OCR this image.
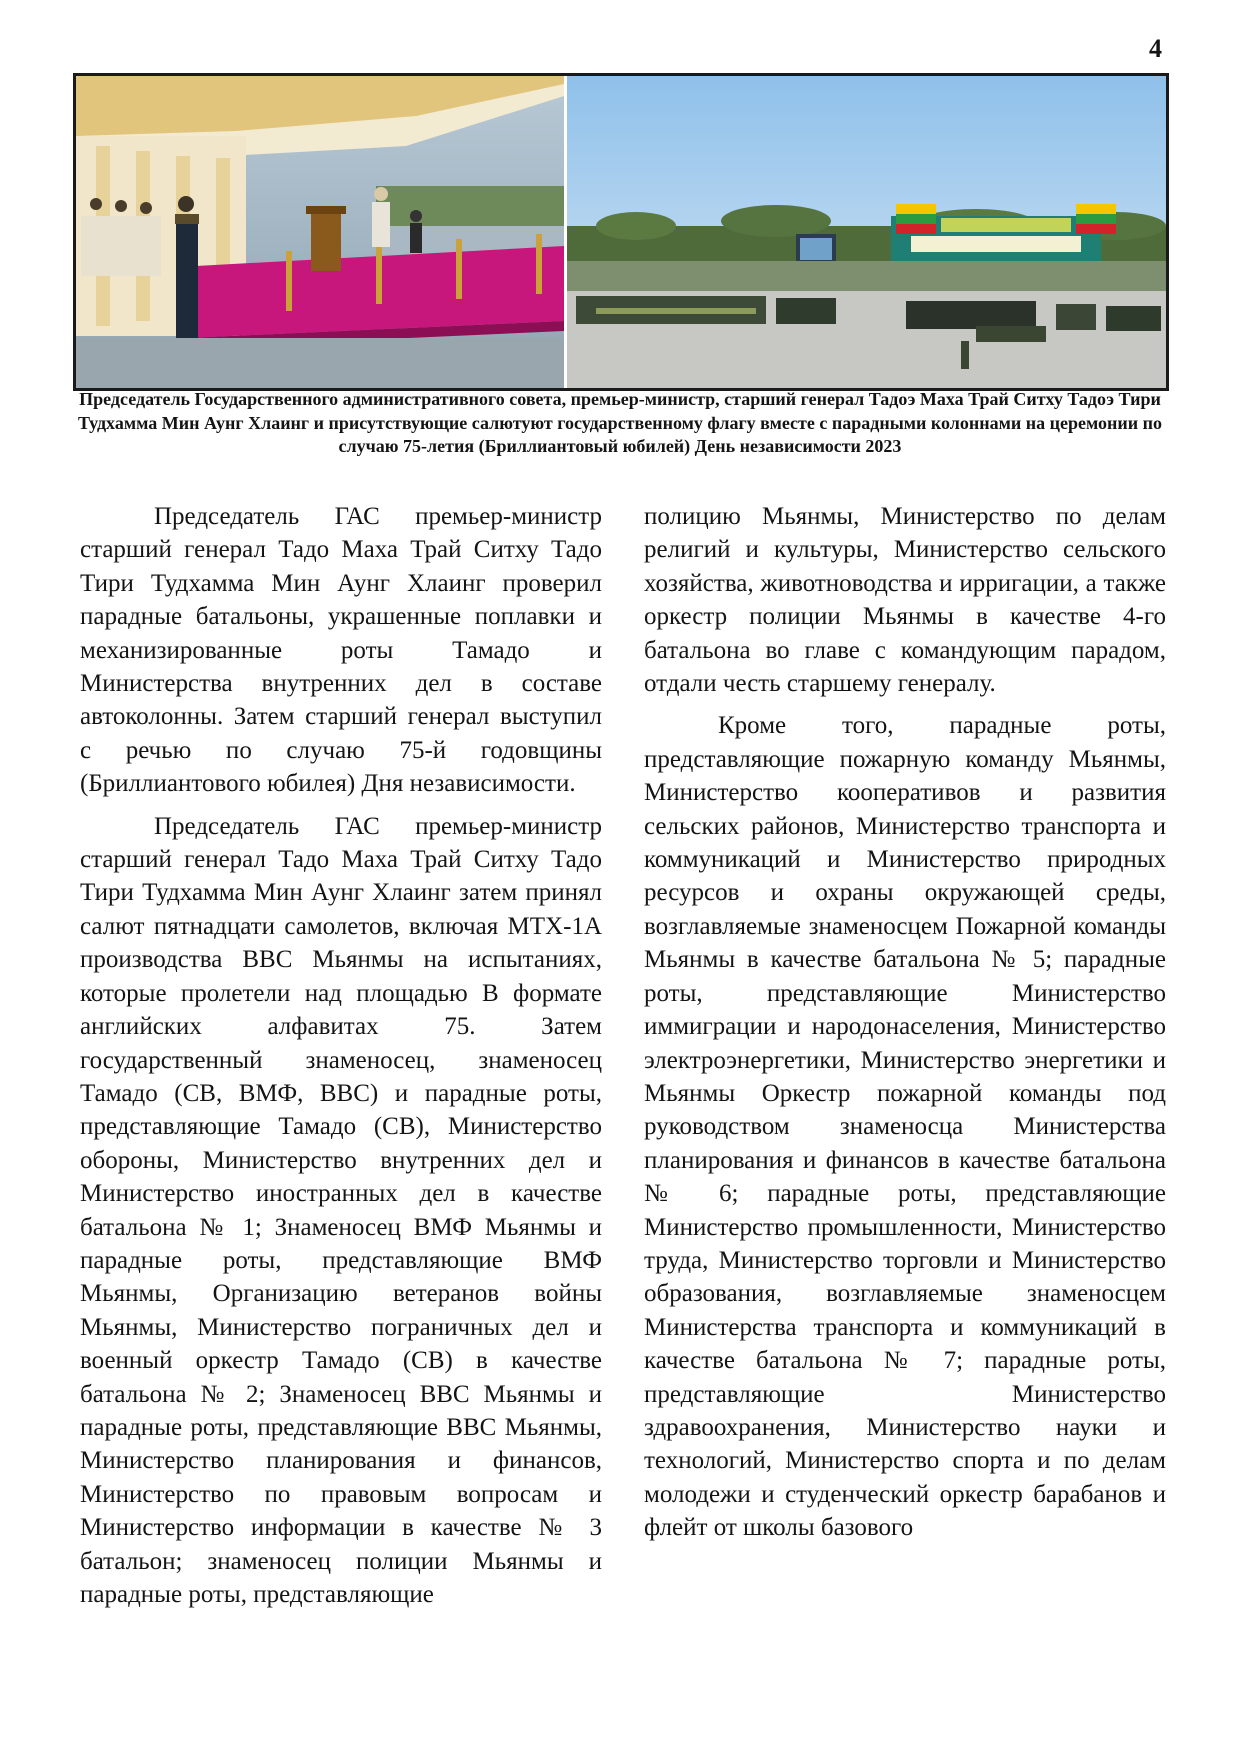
4
Председатель Государственного административного совета, премьер-министр, старший генерал Тадоэ Маха Трай Ситху Тадоэ Тири Тудхамма Мин Аунг Хлаинг и присутствующие салютуют государственному флагу вместе с парадными колоннами на церемонии по случаю 75-летия (Бриллиантовый юбилей) День независимости 2023

Председатель ГАС премьер-министр старший генерал Тадо Маха Трай Ситху Тадо Тири Тудхамма Мин Аунг Хлаинг проверил парадные батальоны, украшенные поплавки и механизированные роты Тамадо и Министерства внутренних дел в составе автоколонны. Затем старший генерал выступил с речью по случаю 75-й годовщины (Бриллиантового юбилея) Дня независимости.

Председатель ГАС премьер-министр старший генерал Тадо Маха Трай Ситху Тадо Тири Тудхамма Мин Аунг Хлаинг затем принял салют пятнадцати самолетов, включая MTX-1A производства ВВС Мьянмы на испытаниях, которые пролетели над площадью В формате английских алфавитах 75. Затем государственный знаменосец, знаменосец Тамадо (СВ, ВМФ, ВВС) и парадные роты, представляющие Тамадо (СВ), Министерство обороны, Министерство внутренних дел и Министерство иностранных дел в качестве батальона № 1; Знаменосец ВМФ Мьянмы и парадные роты, представляющие ВМФ Мьянмы, Организацию ветеранов войны Мьянмы, Министерство пограничных дел и военный оркестр Тамадо (СВ) в качестве батальона № 2; Знаменосец ВВС Мьянмы и парадные роты, представляющие ВВС Мьянмы, Министерство планирования и финансов, Министерство по правовым вопросам и Министерство информации в качестве № 3 батальон; знаменосец полиции Мьянмы и парадные роты, представляющие

полицию Мьянмы, Министерство по делам религий и культуры, Министерство сельского хозяйства, животноводства и ирригации, а также оркестр полиции Мьянмы в качестве 4-го батальона во главе с командующим парадом, отдали честь старшему генералу.

Кроме того, парадные роты, представляющие пожарную команду Мьянмы, Министерство кооперативов и развития сельских районов, Министерство транспорта и коммуникаций и Министерство природных ресурсов и охраны окружающей среды, возглавляемые знаменосцем Пожарной команды Мьянмы в качестве батальона № 5; парадные роты, представляющие Министерство иммиграции и народонаселения, Министерство электроэнергетики, Министерство энергетики и Мьянмы Оркестр пожарной команды под руководством знаменосца Министерства планирования и финансов в качестве батальона № 6; парадные роты, представляющие Министерство промышленности, Министерство труда, Министерство торговли и Министерство образования, возглавляемые знаменосцем Министерства транспорта и коммуникаций в качестве батальона № 7; парадные роты, представляющие Министерство здравоохранения, Министерство науки и технологий, Министерство спорта и по делам молодежи и студенческий оркестр барабанов и флейт от школы базового
